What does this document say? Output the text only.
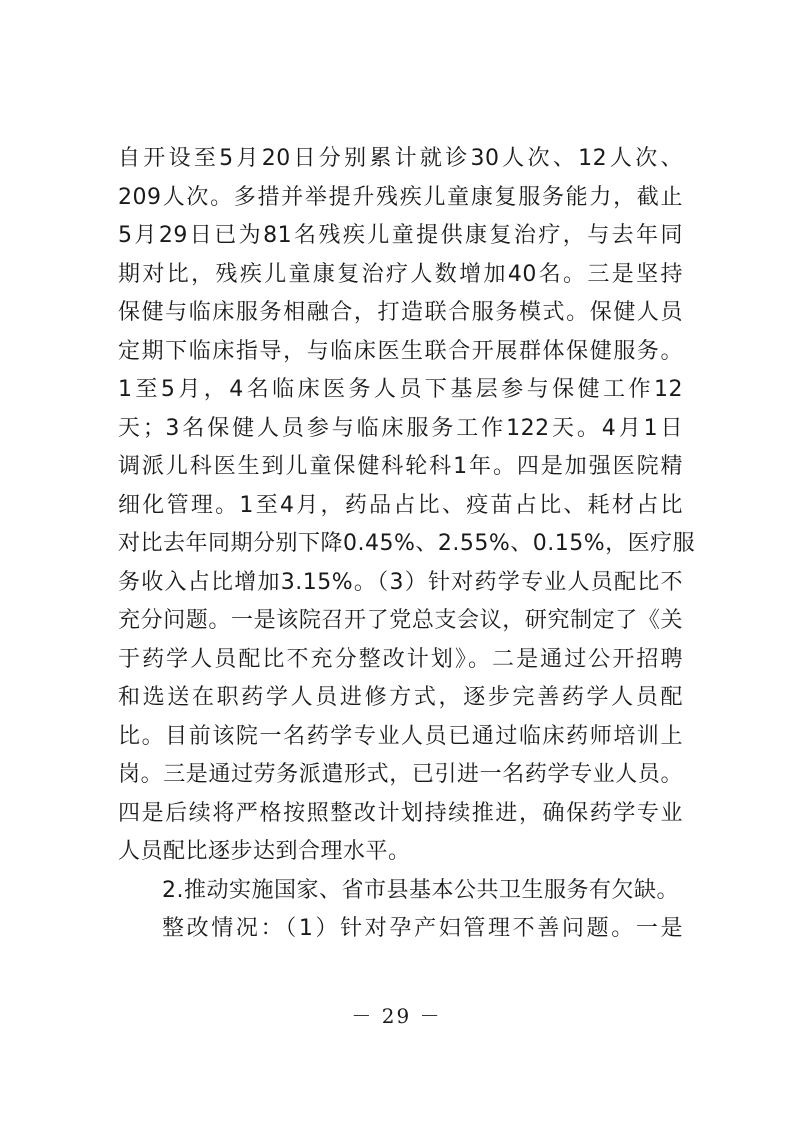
自开设至5月20日分别累计就诊30人次、12人次、
209人次。多措并举提升残疾儿童康复服务能力，截止
5月29日已为81名残疾儿童提供康复治疗，与去年同
期对比，残疾儿童康复治疗人数增加40名。三是坚持
保健与临床服务相融合，打造联合服务模式。保健人员
定期下临床指导，与临床医生联合开展群体保健服务。
1至5月，4名临床医务人员下基层参与保健工作12
天；3名保健人员参与临床服务工作122天。4月1日
调派儿科医生到儿童保健科轮科1年。四是加强医院精
细化管理。1至4月，药品占比、疫苗占比、耗材占比
对比去年同期分别下降0.45%、2.55%、0.15%，医疗服
务收入占比增加3.15%。（3）针对药学专业人员配比不
充分问题。一是该院召开了党总支会议，研究制定了《关
于药学人员配比不充分整改计划》。二是通过公开招聘
和选送在职药学人员进修方式，逐步完善药学人员配
比。目前该院一名药学专业人员已通过临床药师培训上
岗。三是通过劳务派遣形式，已引进一名药学专业人员。
四是后续将严格按照整改计划持续推进，确保药学专业
人员配比逐步达到合理水平。
2.推动实施国家、省市县基本公共卫生服务有欠缺。
整改情况：（1）针对孕产妇管理不善问题。一是
－ 29 －
